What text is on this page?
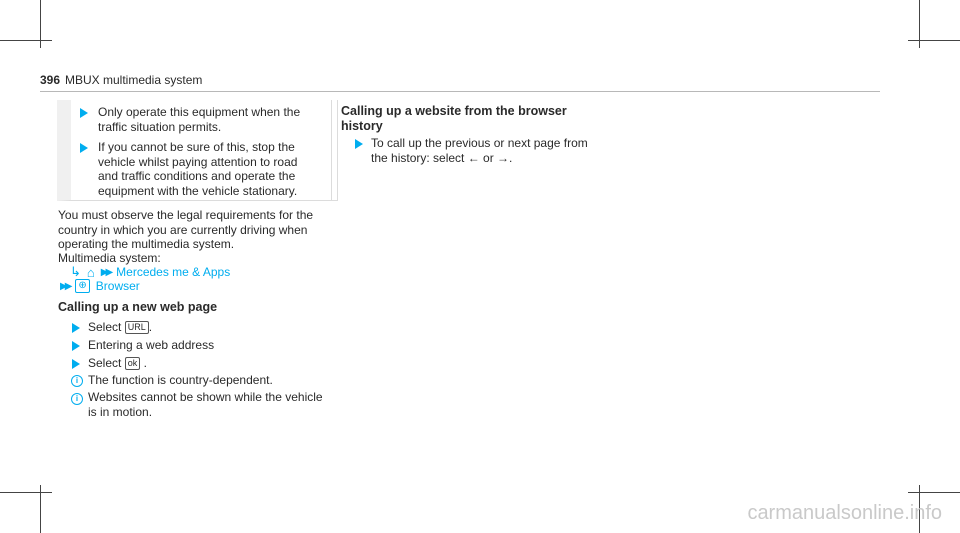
396 MBUX multimedia system

Only operate this equipment when the traffic situation permits.

If you cannot be sure of this, stop the vehicle whilst paying attention to road and traffic conditions and operate the equipment with the vehicle stationary.

You must observe the legal requirements for the country in which you are currently driving when operating the multimedia system.

Multimedia system:

↳ ⌂ ▶▶ Mercedes me & Apps
▶▶ ⊕ Browser

Calling up a new web page

Select URL .

Entering a web address

Select ok .

i The function is country-dependent.

i Websites cannot be shown while the vehicle is in motion.

Calling up a website from the browser history

To call up the previous or next page from the history: select ← or →.

carmanualsonline.info
